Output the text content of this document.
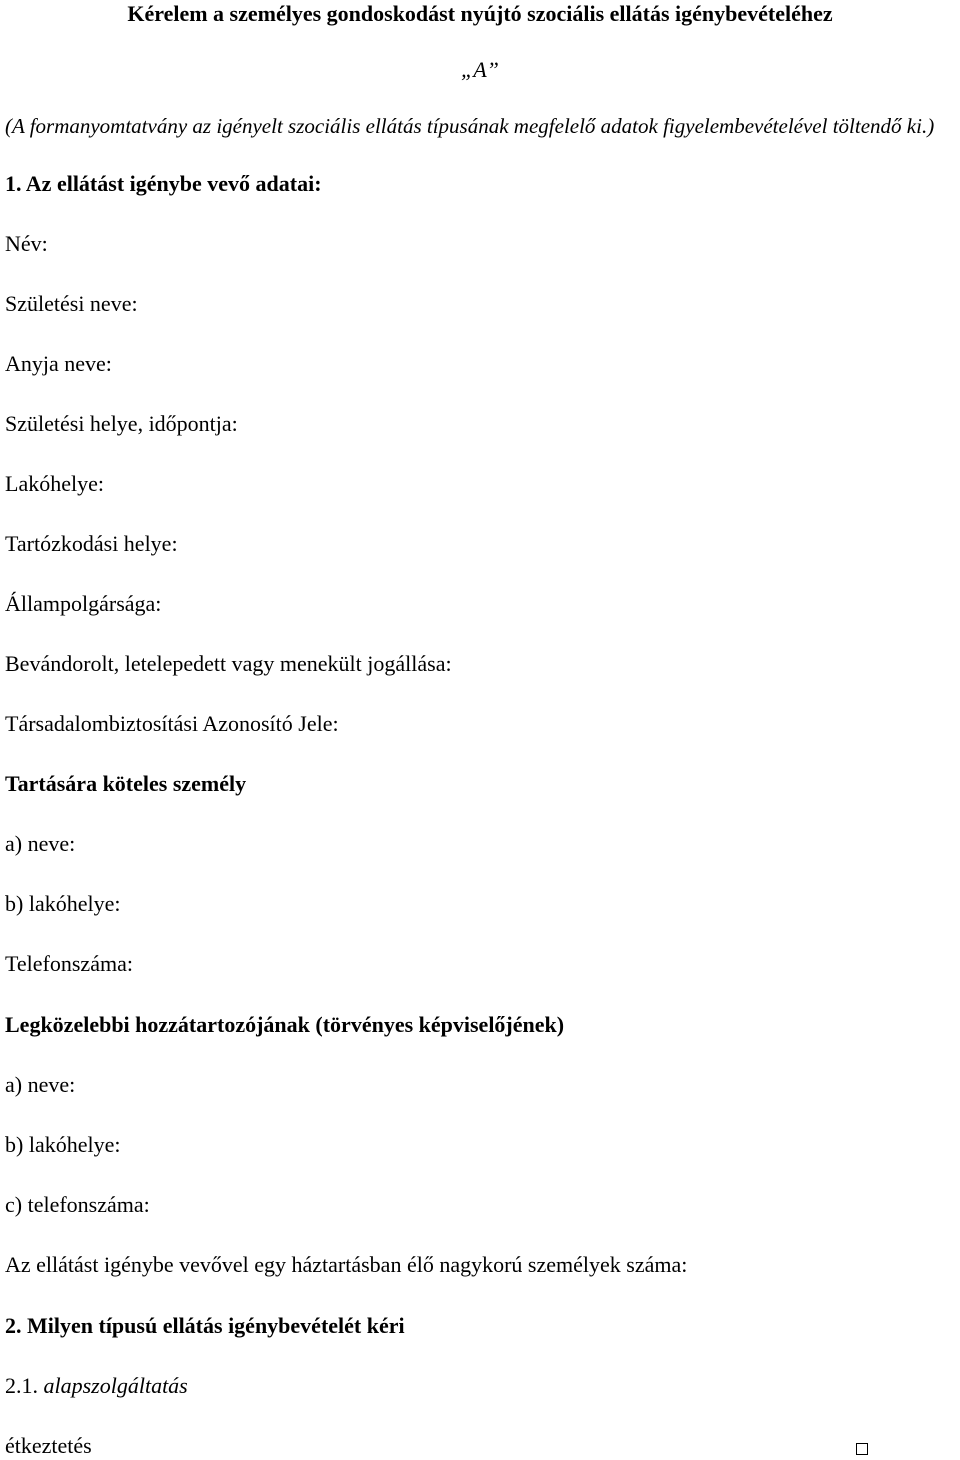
Kérelem a személyes gondoskodást nyújtó szociális ellátás igénybevételéhez
„A”
(A formanyomtatvány az igényelt szociális ellátás típusának megfelelő adatok figyelembevételével töltendő ki.)
1. Az ellátást igénybe vevő adatai:
Név:
Születési neve:
Anyja neve:
Születési helye, időpontja:
Lakóhelye:
Tartózkodási helye:
Állampolgársága:
Bevándorolt, letelepedett vagy menekült jogállása:
Társadalombiztosítási Azonosító Jele:
Tartására köteles személy
a) neve:
b) lakóhelye:
Telefonszáma:
Legközelebbi hozzátartozójának (törvényes képviselőjének)
a) neve:
b) lakóhelye:
c) telefonszáma:
Az ellátást igénybe vevővel egy háztartásban élő nagykorú személyek száma:
2. Milyen típusú ellátás igénybevételét kéri
2.1. alapszolgáltatás
étkeztetés
